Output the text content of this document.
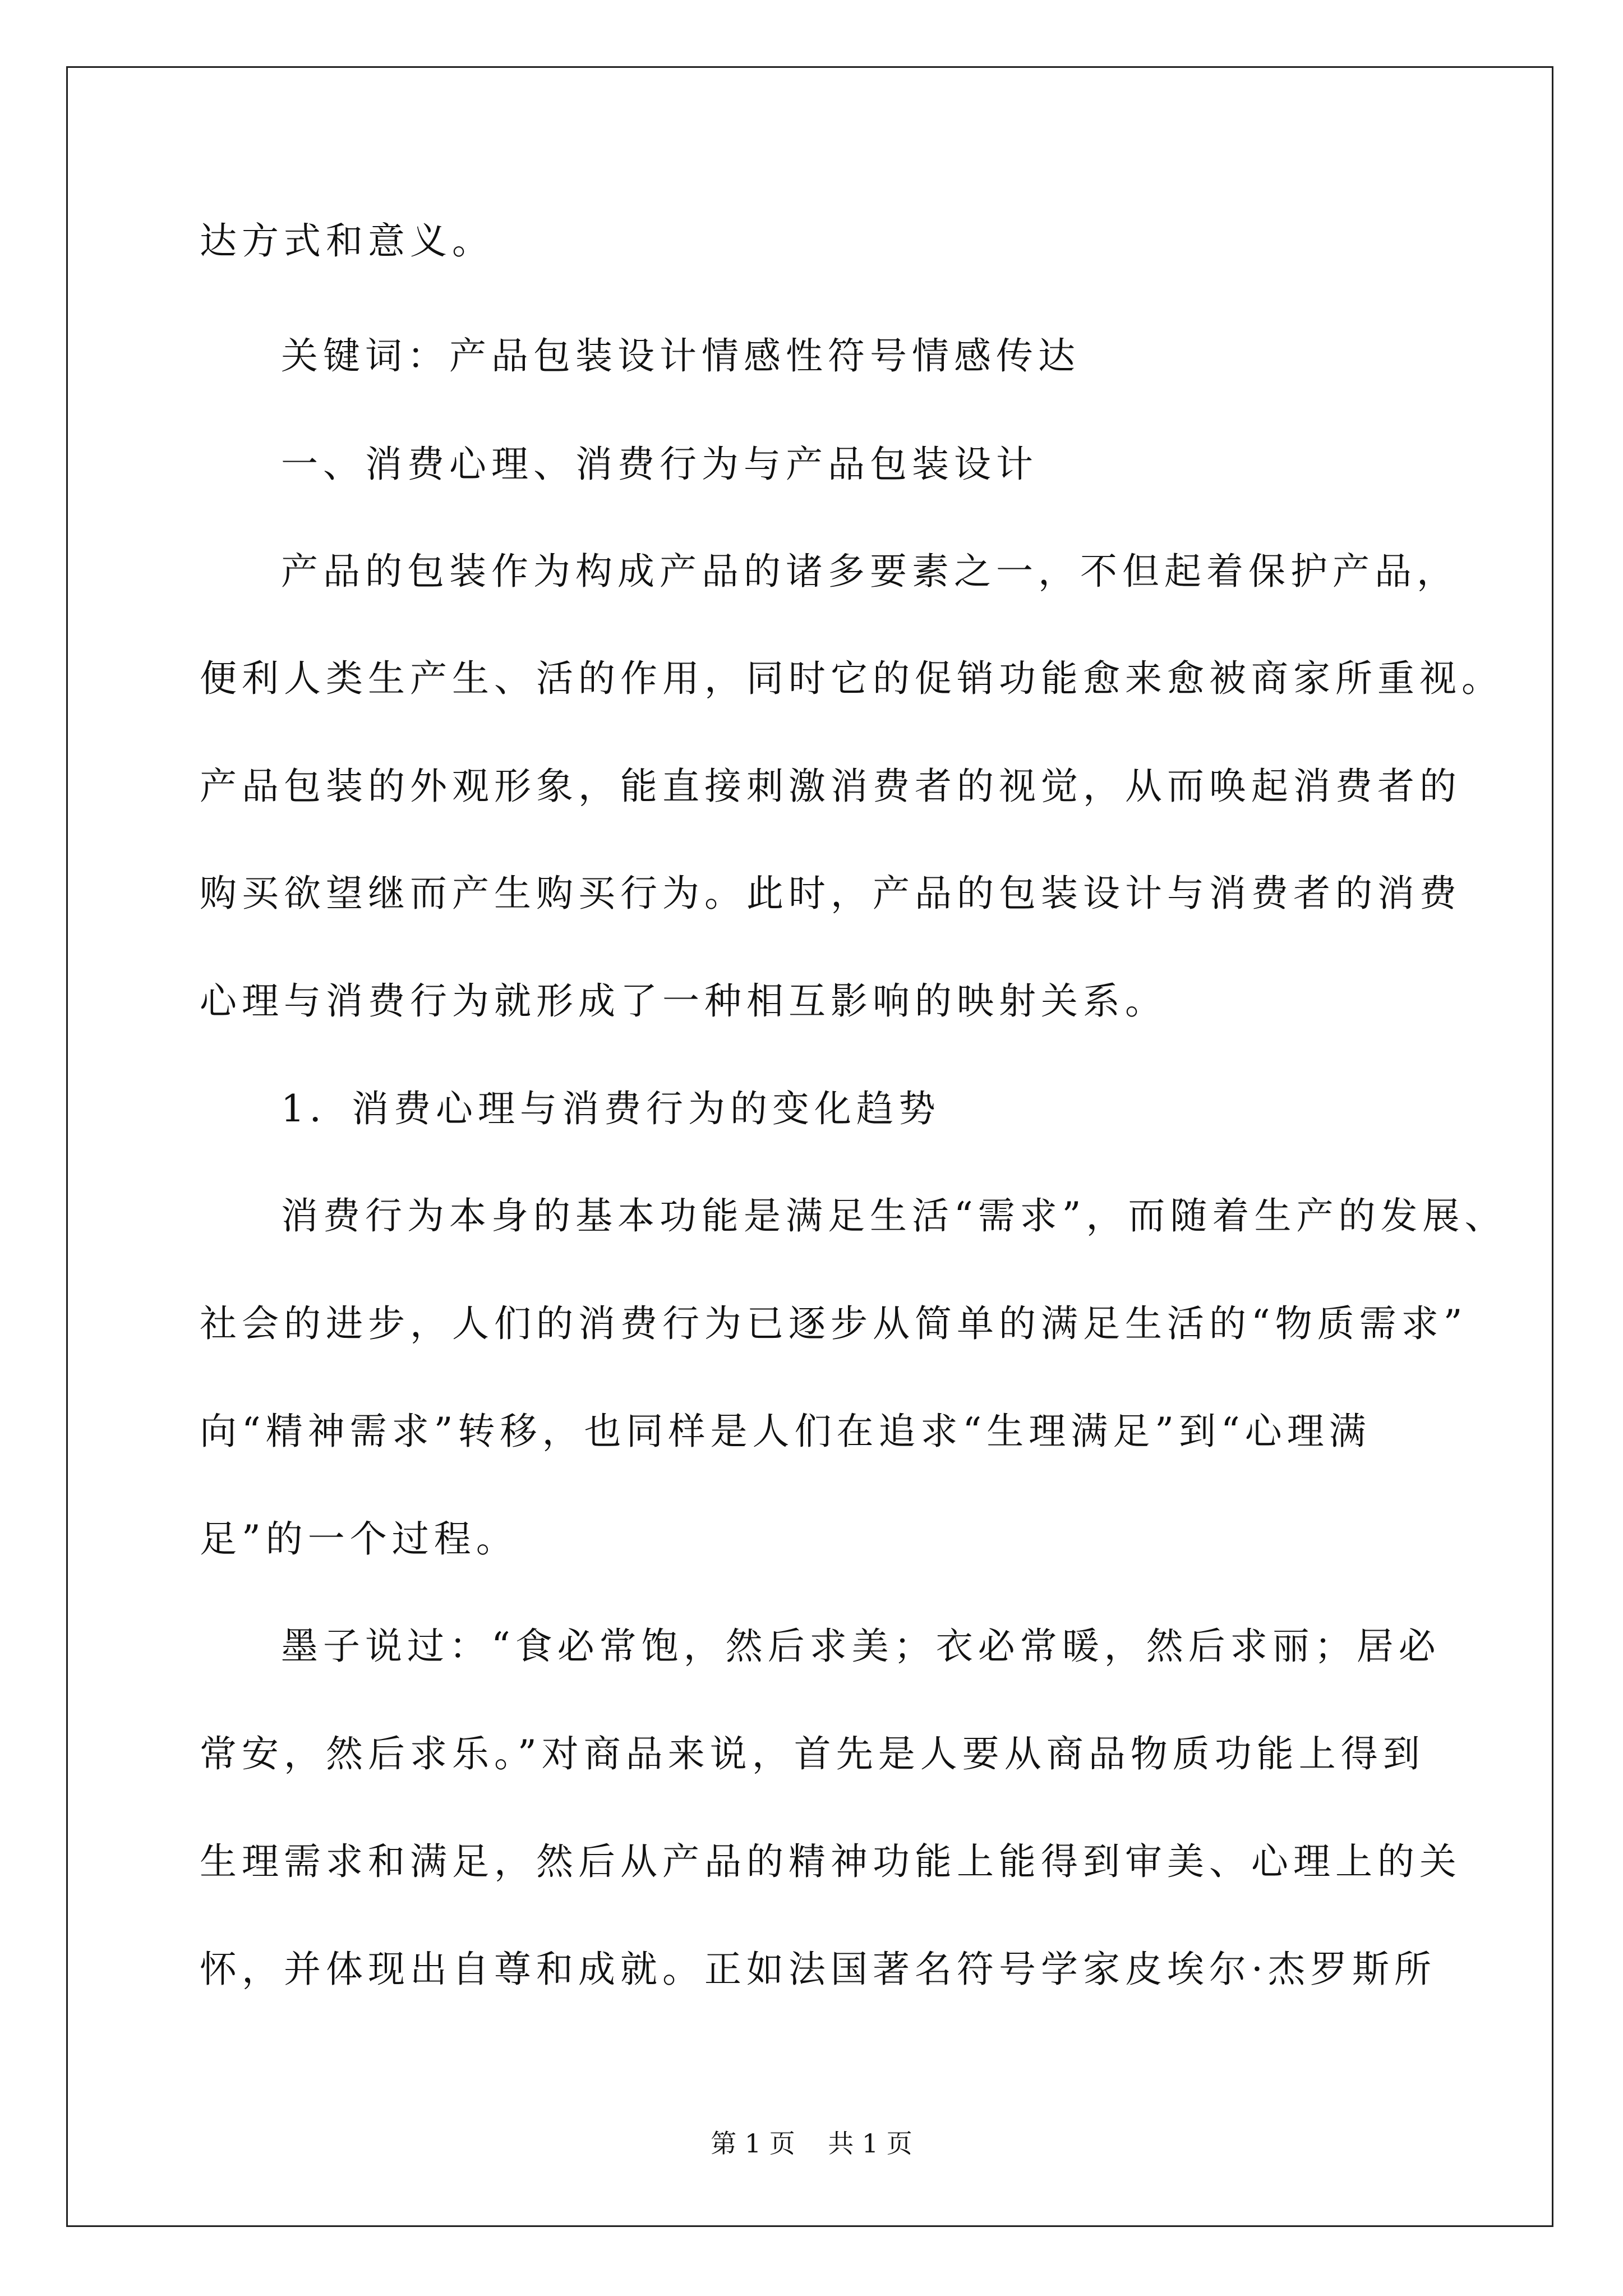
达方式和意义。
关键词：产品包装设计情感性符号情感传达
一、消费心理、消费行为与产品包装设计
产品的包装作为构成产品的诸多要素之一，不但起着保护产品，
便利人类生产生、活的作用，同时它的促销功能愈来愈被商家所重视。
产品包装的外观形象，能直接刺激消费者的视觉，从而唤起消费者的
购买欲望继而产生购买行为。此时，产品的包装设计与消费者的消费
心理与消费行为就形成了一种相互影响的映射关系。
1．消费心理与消费行为的变化趋势
消费行为本身的基本功能是满足生活“需求”，而随着生产的发展、
社会的进步，人们的消费行为已逐步从简单的满足生活的“物质需求”
向“精神需求”转移，也同样是人们在追求“生理满足”到“心理满
足”的一个过程。
墨子说过：“食必常饱，然后求美；衣必常暖，然后求丽；居必
常安，然后求乐。”对商品来说，首先是人要从商品物质功能上得到
生理需求和满足，然后从产品的精神功能上能得到审美、心理上的关
怀，并体现出自尊和成就。正如法国著名符号学家皮埃尔·杰罗斯所
第 1 页    共 1 页
